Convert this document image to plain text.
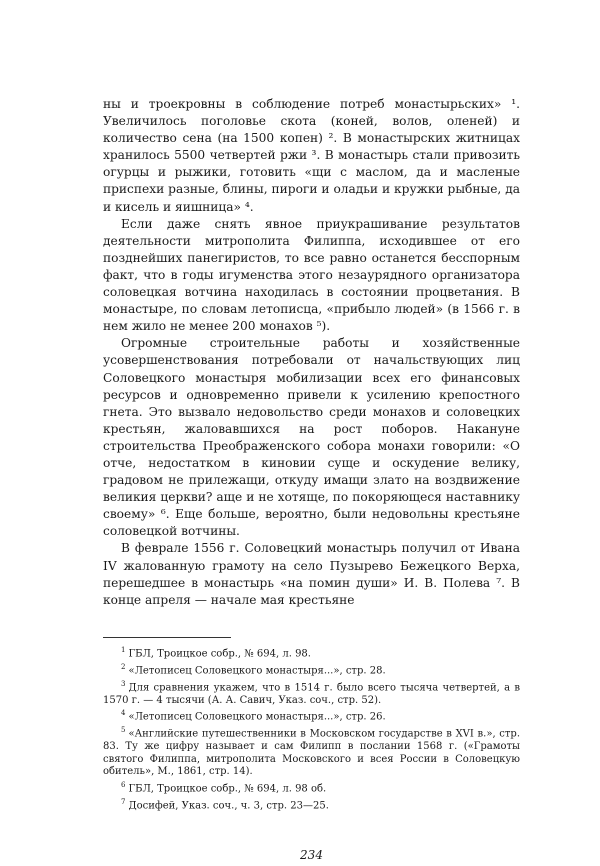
ны и троекровны в соблюдение потреб монастырьских» ¹. Увеличилось поголовье скота (коней, волов, оленей) и количество сена (на 1500 копен) ². В монастырских житницах хранилось 5500 четвертей ржи ³. В монастырь стали привозить огурцы и рыжики, готовить «щи с маслом, да и масленые приспехи разные, блины, пироги и оладьи и кружки рыбные, да и кисель и яишница» ⁴.

Если даже снять явное приукрашивание результатов деятельности митрополита Филиппа, исходившее от его позднейших панегиристов, то все равно останется бесспорным факт, что в годы игуменства этого незаурядного организатора соловецкая вотчина находилась в состоянии процветания. В монастыре, по словам летописца, «прибыло людей» (в 1566 г. в нем жило не менее 200 монахов ⁵).

Огромные строительные работы и хозяйственные усовершенствования потребовали от начальствующих лиц Соловецкого монастыря мобилизации всех его финансовых ресурсов и одновременно привели к усилению крепостного гнета. Это вызвало недовольство среди монахов и соловецких крестьян, жаловавшихся на рост поборов. Накануне строительства Преображенского собора монахи говорили: «О отче, недостатком в киновии суще и оскудение велику, градовом не прилежащи, откуду имащи злато на воздвижение великия церкви? аще и не хотяще, по покоряющеся наставнику своему» ⁶. Еще больше, вероятно, были недовольны крестьяне соловецкой вотчины.

В феврале 1556 г. Соловецкий монастырь получил от Ивана IV жалованную грамоту на село Пузырево Бежецкого Верха, перешедшее в монастырь «на помин души» И. В. Полева ⁷. В конце апреля — начале мая крестьяне

$^1$ ГБЛ, Троицкое собр., № 694, л. 98.

$^2$ «Летописец Соловецкого монастыря...», стр. 28.

$^3$ Для сравнения укажем, что в 1514 г. было всего тысяча четвертей, а в 1570 г. — 4 тысячи (А. А. Савич, Указ. соч., стр. 52).

$^4$ «Летописец Соловецкого монастыря...», стр. 26.

$^5$ «Английские путешественники в Московском государстве в XVI в.», стр. 83. Ту же цифру называет и сам Филипп в послании 1568 г. («Грамоты святого Филиппа, митрополита Московского и всея России в Соловецкую обитель», М., 1861, стр. 14).

$^6$ ГБЛ, Троицкое собр., № 694, л. 98 об.

$^7$ Досифей, Указ. соч., ч. 3, стр. 23—25.

234
